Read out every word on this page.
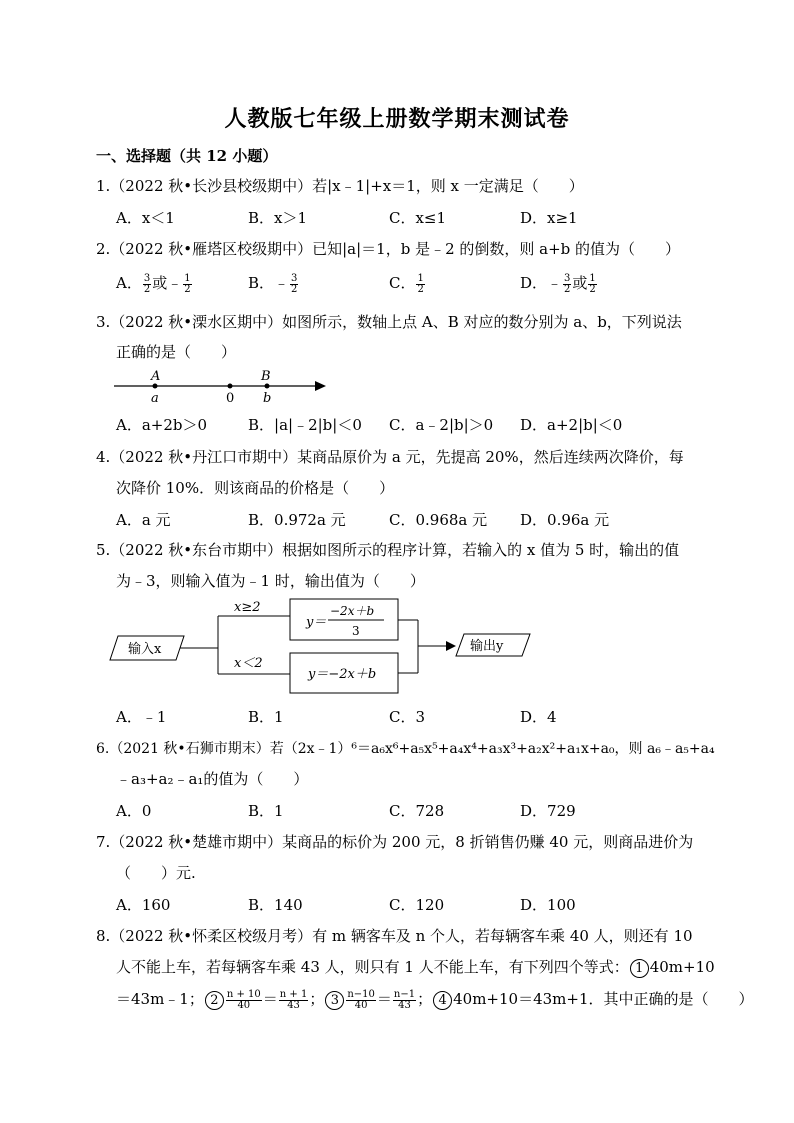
人教版七年级上册数学期末测试卷
一、选择题（共 12 小题）
1.（2022 秋•长沙县校级期中）若|x﹣1|+x＝1，则 x 一定满足（　　）
A．x＜1	B．x＞1	C．x≤1	D．x≥1
2.（2022 秋•雁塔区校级期中）已知|a|＝1，b 是﹣2 的倒数，则 a+b 的值为（　　）
A． $\frac{3}{2}$ 或﹣ $\frac{1}{2}$	B．﹣ $\frac{3}{2}$	C． $\frac{1}{2}$	D．﹣ $\frac{3}{2}$ 或 $\frac{1}{2}$
3.（2022 秋•溧水区期中）如图所示，数轴上点 A、B 对应的数分别为 a、b，下列说法
正确的是（　　）
A
a	0
B
b
A．a+2b＞0	B．|a|﹣2|b|＜0 C．a﹣2|b|＞0 D．a+2|b|＜0
4.（2022 秋•丹江口市期中）某商品原价为 a 元，先提高 20%，然后连续两次降价，每
次降价 10%．则该商品的价格是（　　）
A．a 元	B．0.972a 元	C．0.968a 元 D．0.96a 元
5.（2022 秋•东台市期中）根据如图所示的程序计算，若输入的 x 值为 5 时，输出的值
为﹣3，则输入值为﹣1 时，输出值为（　　）
输入x
x≥2
x＜2
y＝
−2x＋b
3
y＝−2x＋b
输出y
A．﹣1	B．1	C．3	D．4
6.（2021 秋•石狮市期末）若（2x﹣1）⁶＝a₆x⁶+a₅x⁵+a₄x⁴+a₃x³+a₂x²+a₁x+a₀，则 a₆﹣a₅+a₄
﹣a₃+a₂﹣a₁的值为（　　）
A．0	B．1	C．728	D．729
7.（2022 秋•楚雄市期中）某商品的标价为 200 元，8 折销售仍赚 40 元，则商品进价为
（　　）元.
A．160	B．140	C．120	D．100
8.（2022 秋•怀柔区校级月考）有 m 辆客车及 n 个人，若每辆客车乘 40 人，则还有 10
人不能上车，若每辆客车乘 43 人，则只有 1 人不能上车，有下列四个等式： 1 40m+10
＝43m﹣1； $2 \frac{n + 10}{40} = \frac{n + 1}{43}$ ； $3 \frac{n-10}{40} = \frac{n-1}{43}$ ； 4 40m+10＝43m+1．其中正确的是（　　）
